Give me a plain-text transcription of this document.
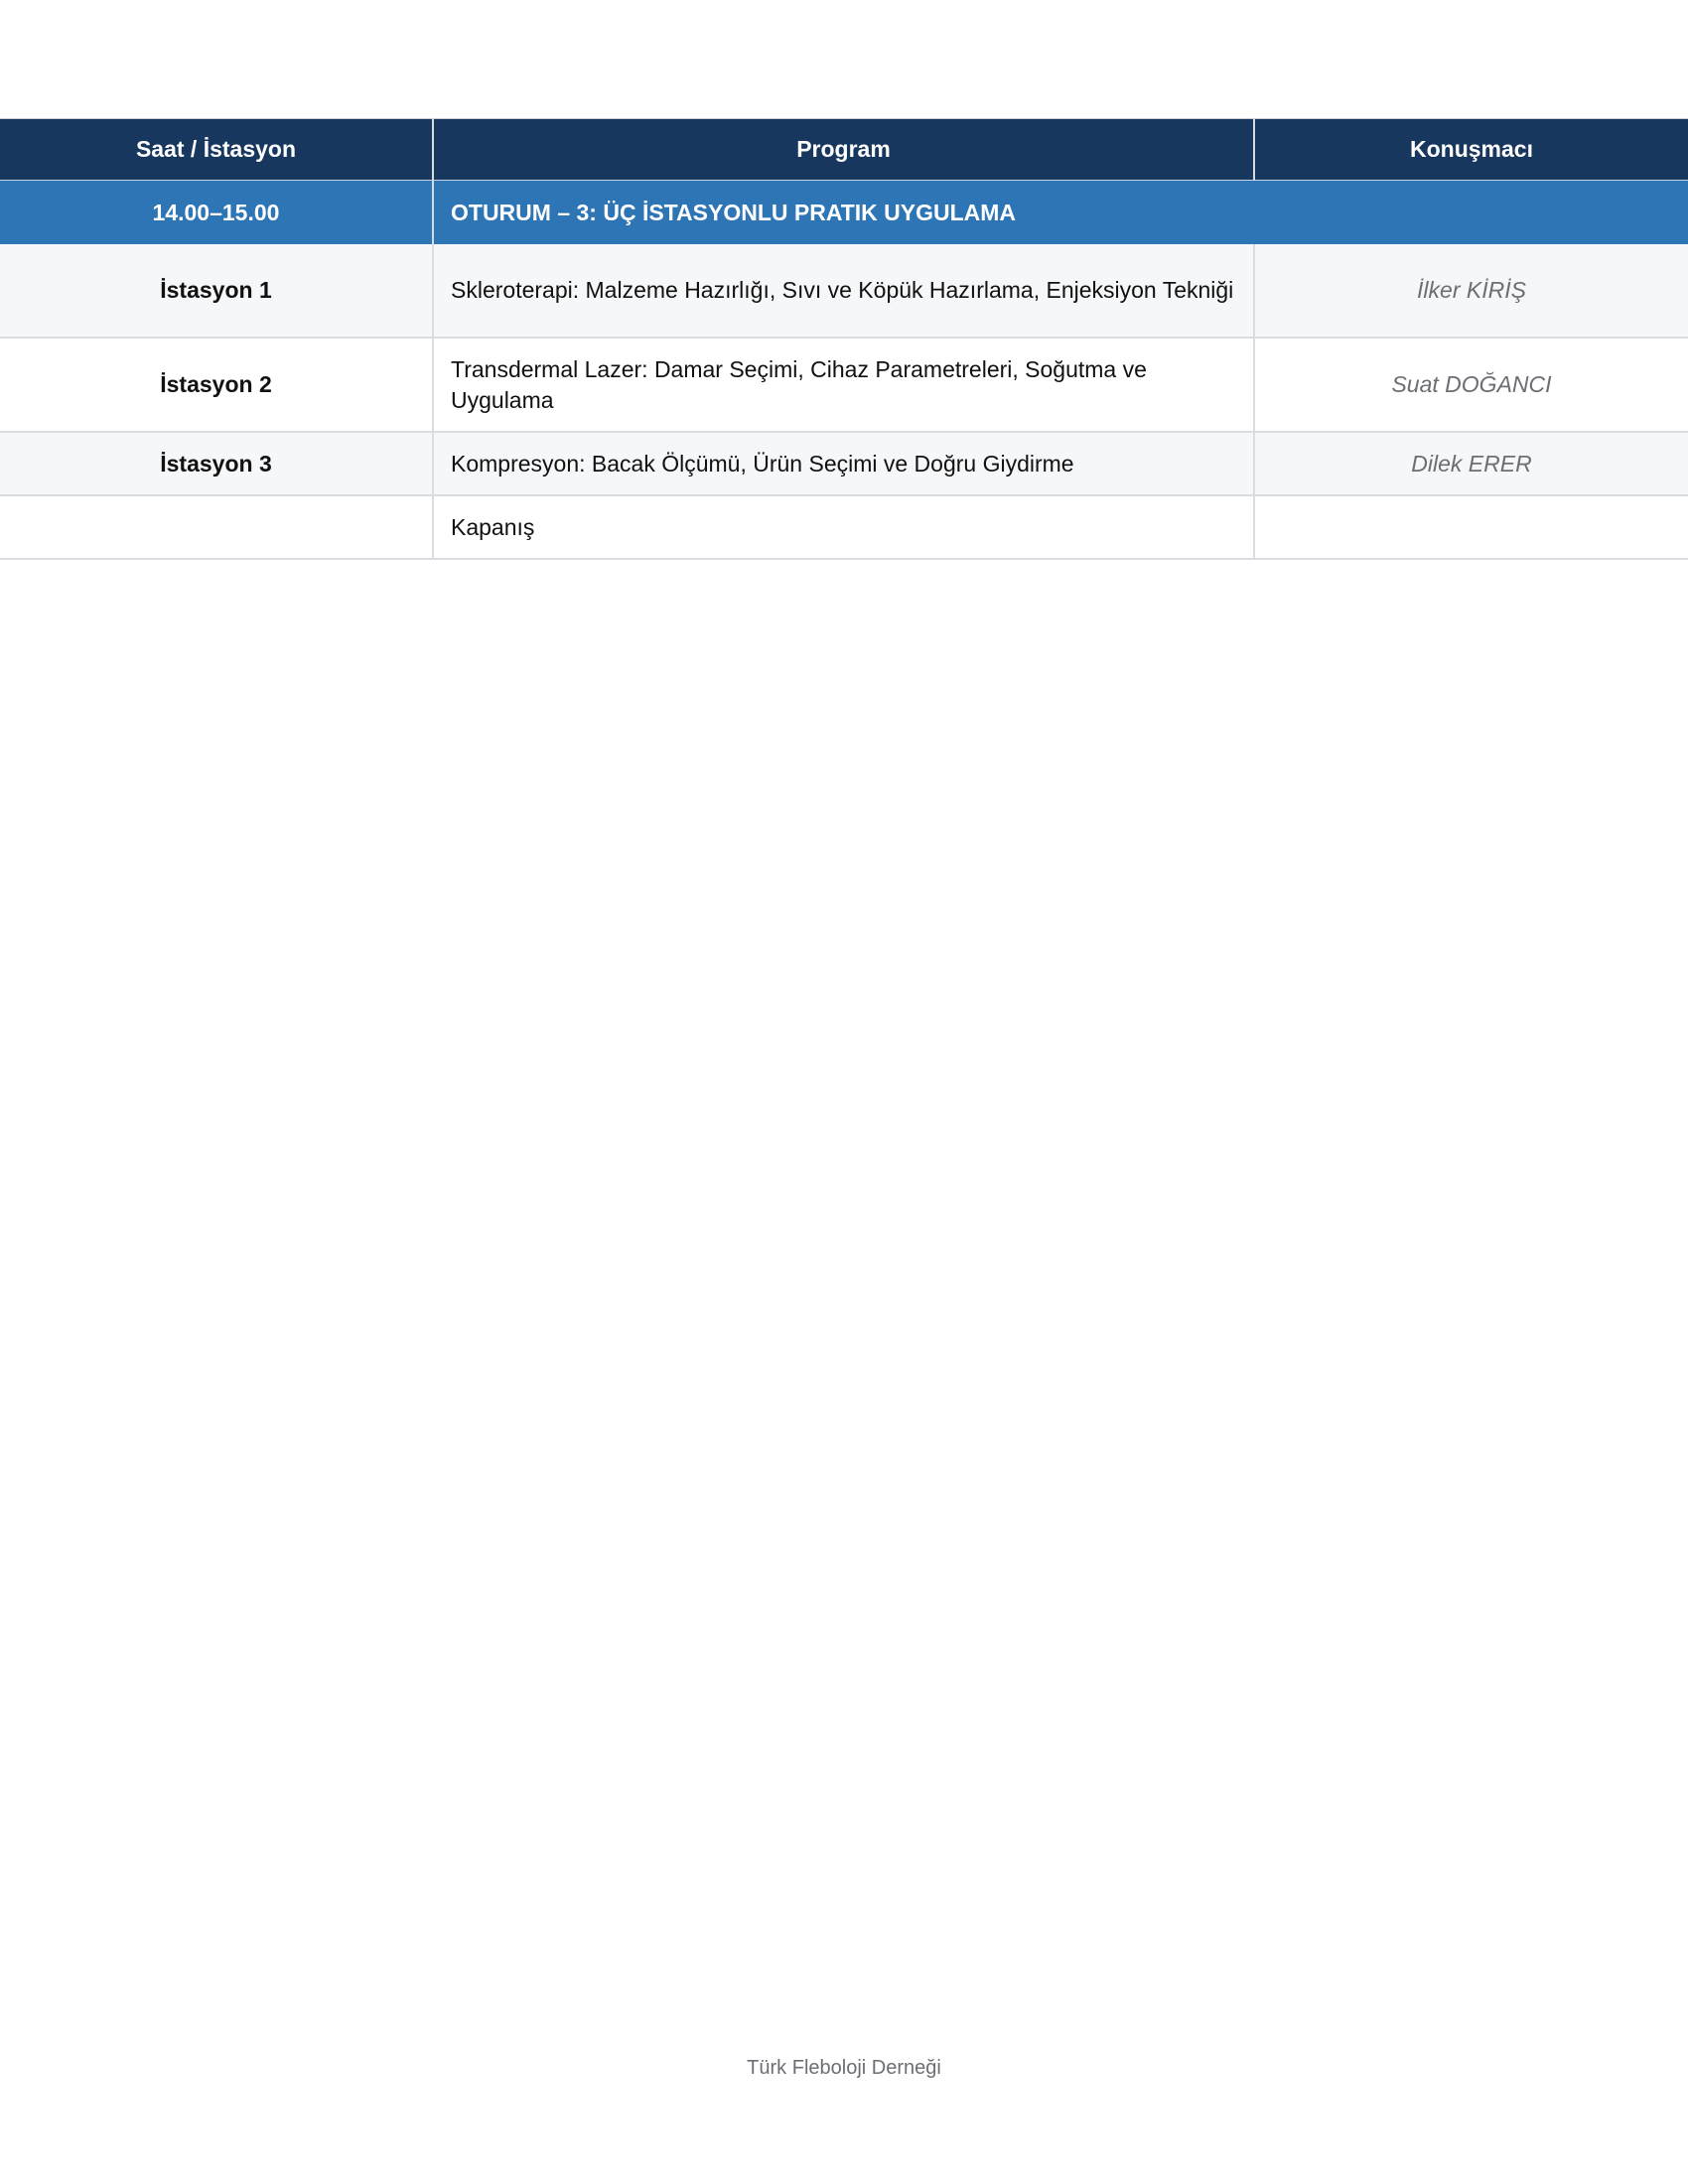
Saat / İstasyon	Program	Konuşmacı
14.00–15.00	OTURUM – 3: ÜÇ İSTASYONLU PRATIK UYGULAMA	
İstasyon 1	Skleroterapi: Malzeme Hazırlığı, Sıvı ve Köpük Hazırlama, Enjeksiyon Tekniği	İlker KİRİŞ
İstasyon 2	Transdermal Lazer: Damar Seçimi, Cihaz Parametreleri, Soğutma ve Uygulama	Suat DOĞANCI
İstasyon 3	Kompresyon: Bacak Ölçümü, Ürün Seçimi ve Doğru Giydirme	Dilek ERER
	Kapanış	
Türk Fleboloji Derneği
